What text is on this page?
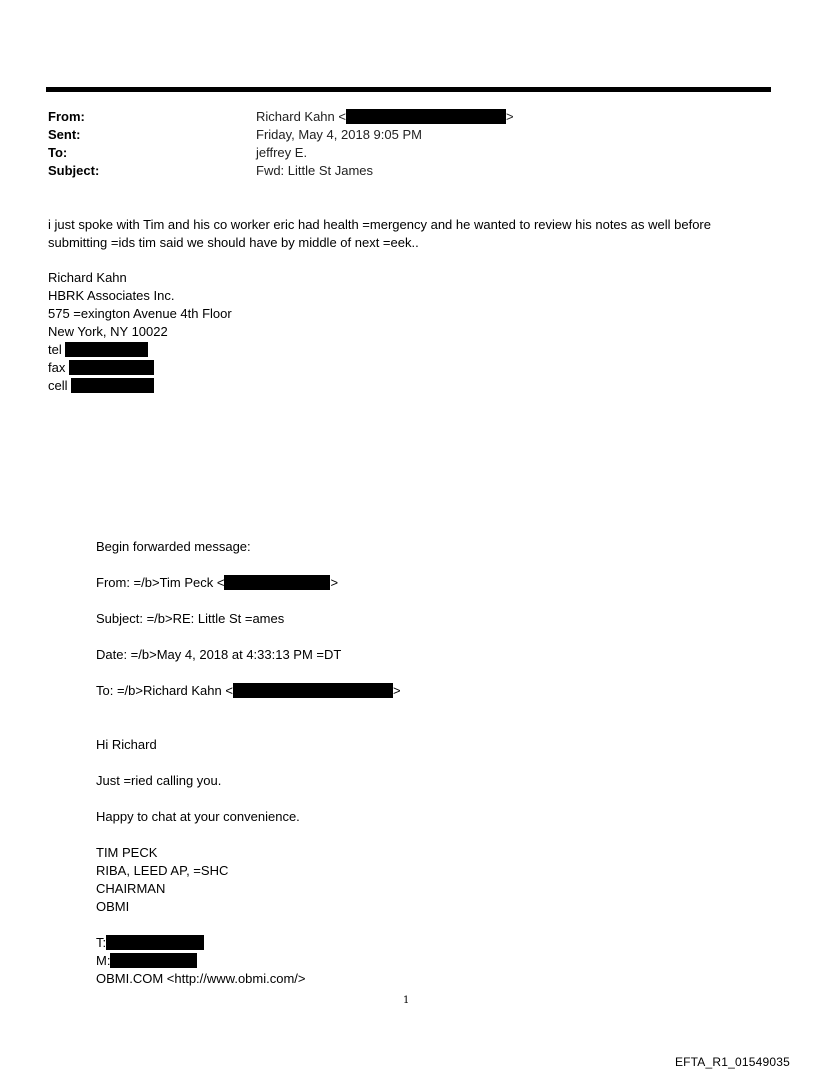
From:	Richard Kahn <	>
Sent:	Friday, May 4, 2018 9:05 PM
To:	jeffrey E.
Subject:	Fwd: Little St James
i just spoke with Tim and his co worker eric had health =mergency and he wanted to review his notes as well before submitting =ids tim said we should have by middle of next =eek..
Richard Kahn
HBRK Associates Inc.
575 =exington Avenue 4th Floor
New York, NY 10022
tel
fax
cell
Begin forwarded message:
From: =/b>Tim Peck <	>
Subject: =/b>RE: Little St =ames
Date: =/b>May 4, 2018 at 4:33:13 PM =DT
To: =/b>Richard Kahn <	>
Hi Richard
Just =ried calling you.
Happy to chat at your convenience.
TIM PECK
RIBA, LEED AP, =SHC
CHAIRMAN
OBMI
T:
M:
OBMI.COM <http://www.obmi.com/>
1
EFTA_R1_01549035
